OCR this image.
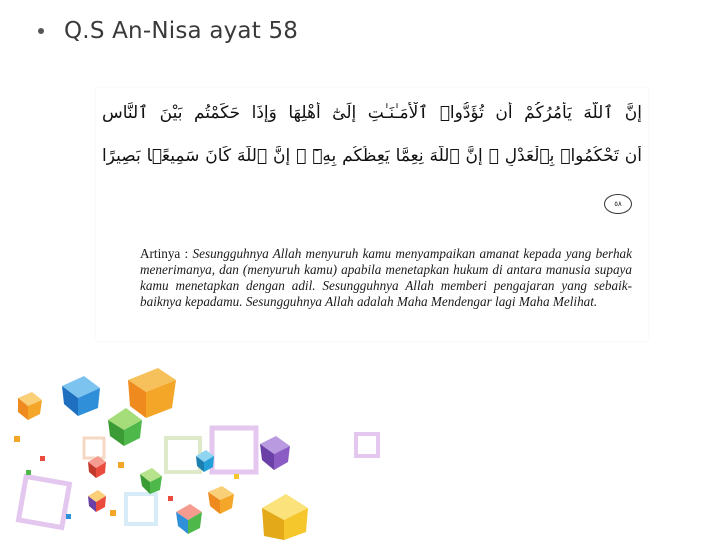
Q.S An-Nisa ayat 58
إِنَّ ٱللَّهَ يَأْمُرُكُمْ أَن تُؤَدُّوا۟ ٱلْأَمَـٰنَـٰتِ إِلَىٰٓ أَهْلِهَا وَإِذَا حَكَمْتُم بَيْنَ ٱلنَّاسِ
أَن تَحْكُمُوا۟ بِٱلْعَدْلِ ۚ إِنَّ ٱللَّهَ نِعِمَّا يَعِظُكُم بِهِۦٓ ۗ إِنَّ ٱللَّهَ كَانَ سَمِيعًۢا بَصِيرًا
٥٨
Artinya : Sesungguhnya Allah menyuruh kamu menyampaikan amanat kepada yang berhak menerimanya, dan (menyuruh kamu) apabila menetapkan hukum di antara manusia supaya kamu menetapkan dengan adil. Sesungguhnya Allah memberi pengajaran yang sebaik-baiknya kepadamu. Sesungguhnya Allah adalah Maha Mendengar lagi Maha Melihat.
